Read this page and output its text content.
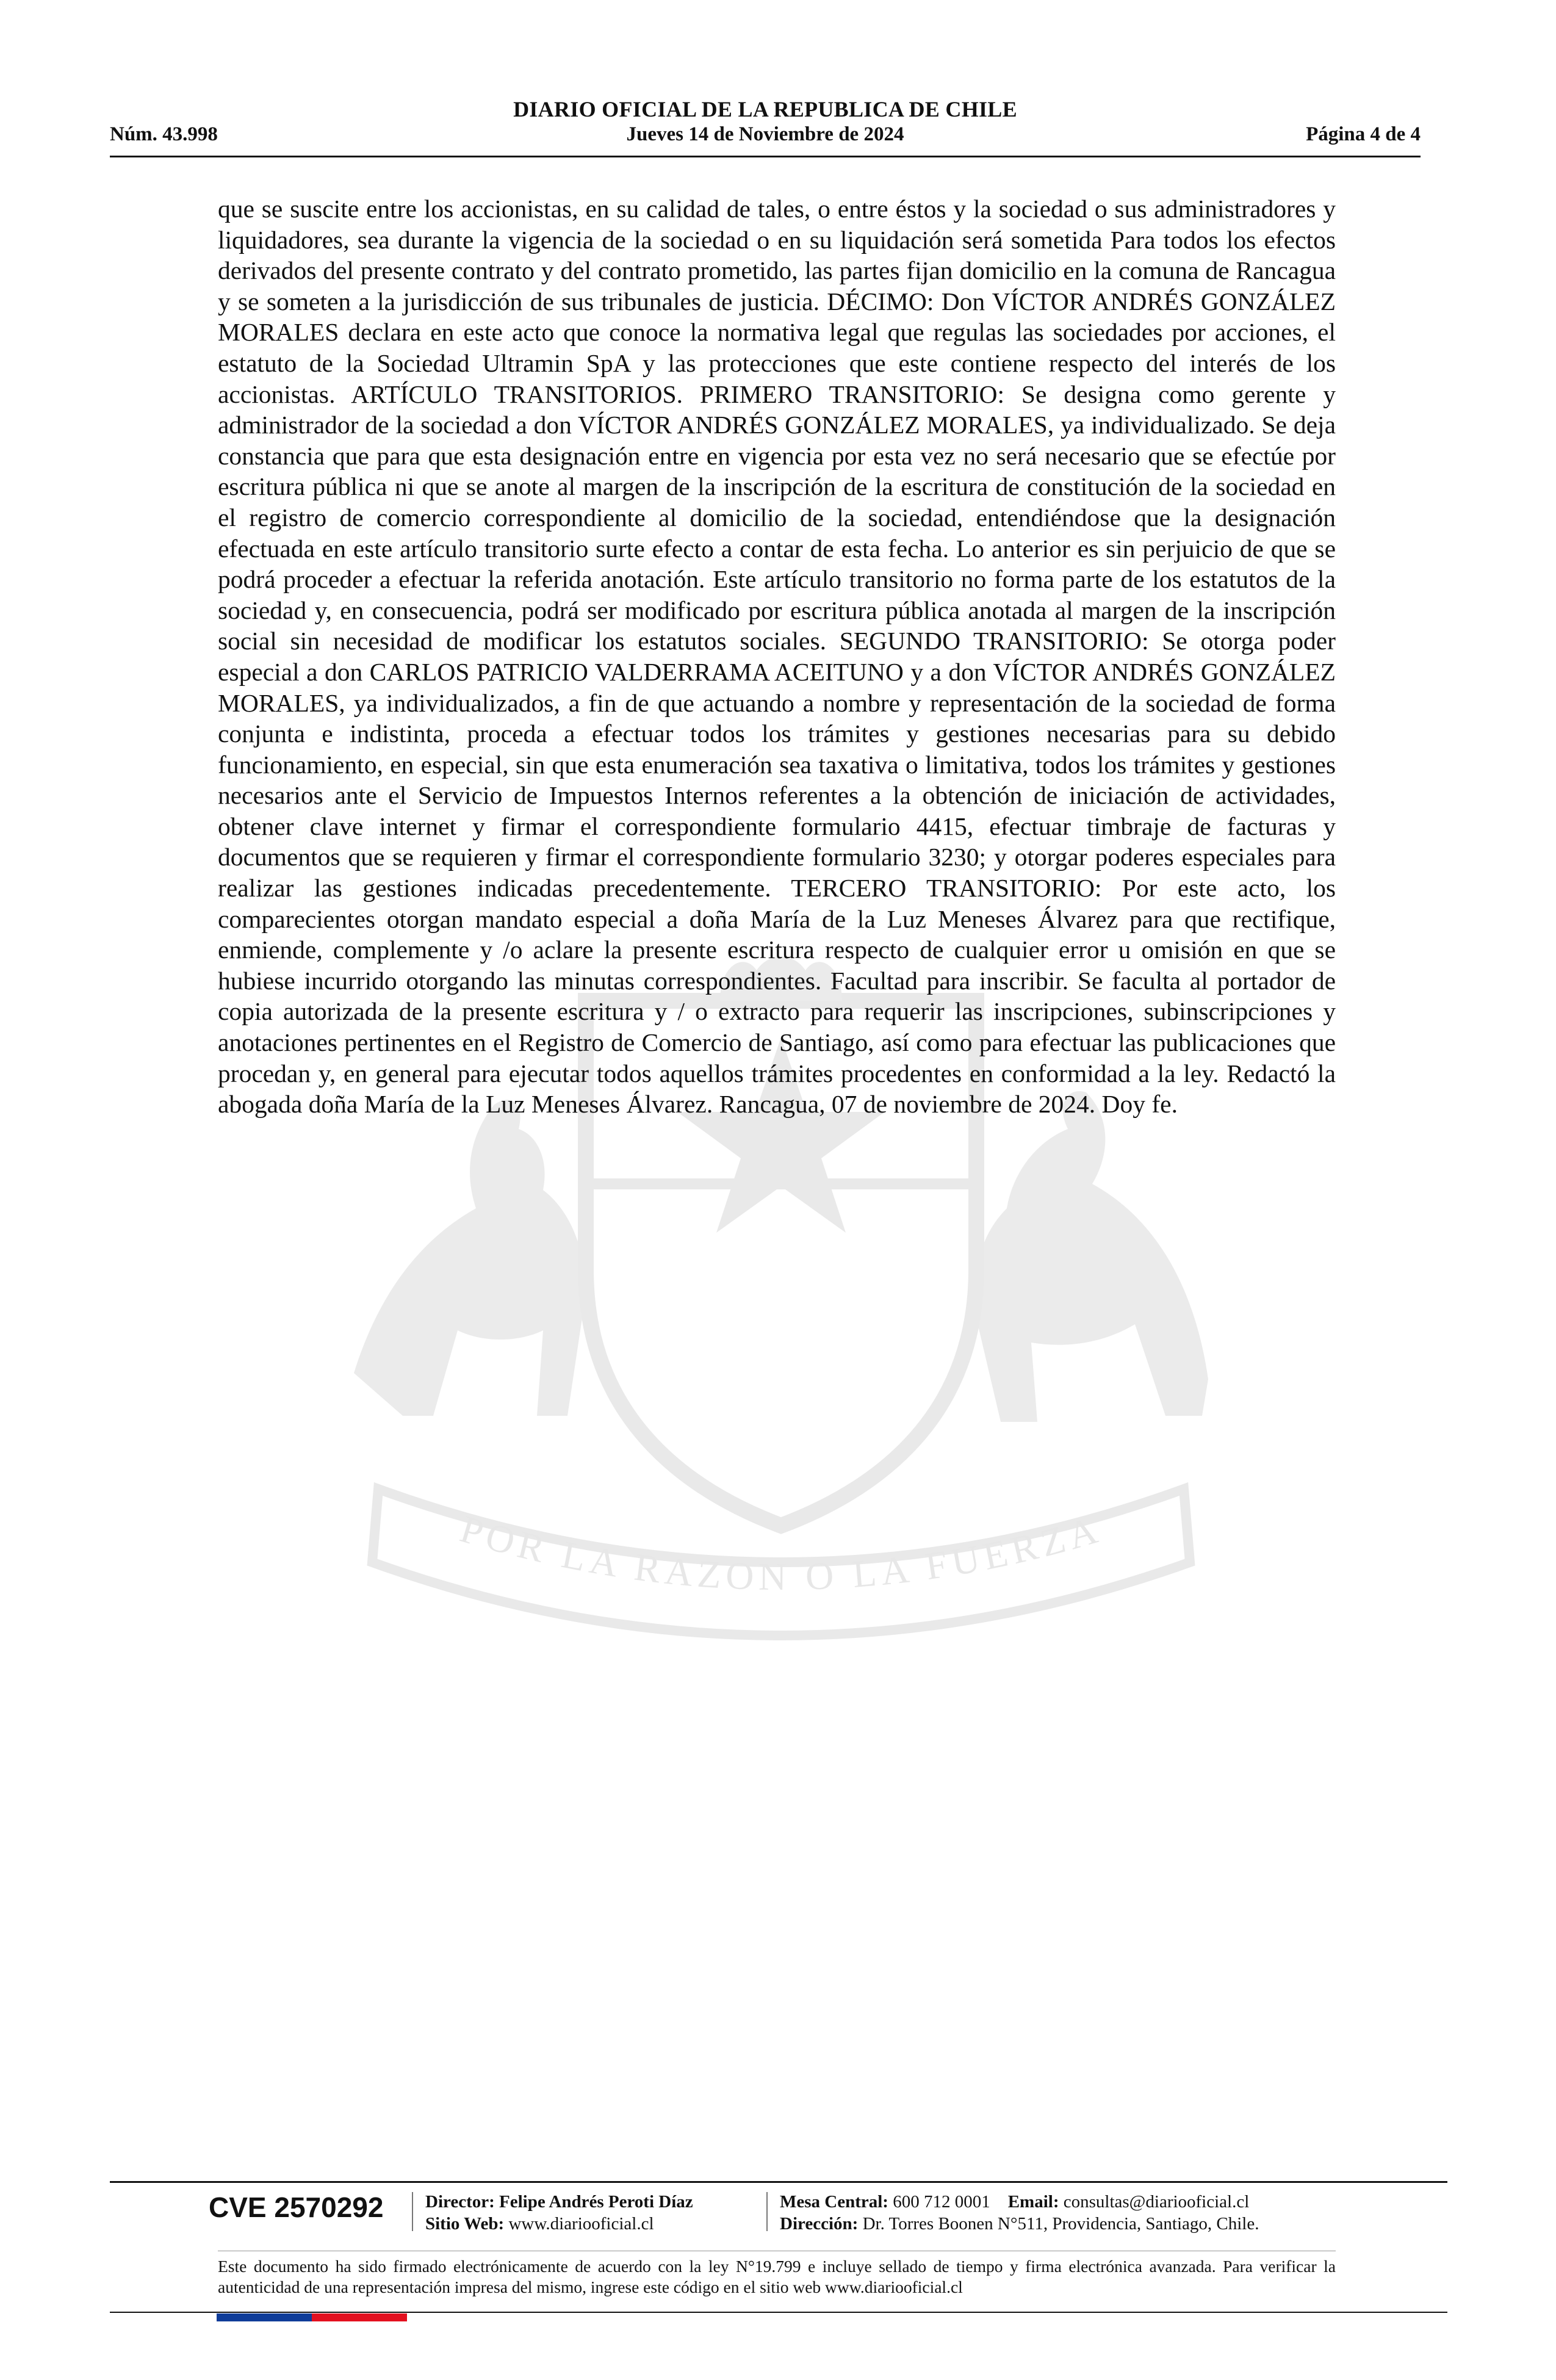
DIARIO OFICIAL DE LA REPUBLICA DE CHILE
Núm. 43.998	Jueves 14 de Noviembre de 2024	Página 4 de 4
POR LA RAZON O LA FUERZA
que se suscite entre los accionistas, en su calidad de tales, o entre éstos y la sociedad o sus administradores y liquidadores, sea durante la vigencia de la sociedad o en su liquidación será sometida Para todos los efectos derivados del presente contrato y del contrato prometido, las partes fijan domicilio en la comuna de Rancagua y se someten a la jurisdicción de sus tribunales de justicia. DÉCIMO: Don VÍCTOR ANDRÉS GONZÁLEZ MORALES declara en este acto que conoce la normativa legal que regulas las sociedades por acciones, el estatuto de la Sociedad Ultramin SpA y las protecciones que este contiene respecto del interés de los accionistas. ARTÍCULO TRANSITORIOS. PRIMERO TRANSITORIO: Se designa como gerente y administrador de la sociedad a don VÍCTOR ANDRÉS GONZÁLEZ MORALES, ya individualizado. Se deja constancia que para que esta designación entre en vigencia por esta vez no será necesario que se efectúe por escritura pública ni que se anote al margen de la inscripción de la escritura de constitución de la sociedad en el registro de comercio correspondiente al domicilio de la sociedad, entendiéndose que la designación efectuada en este artículo transitorio surte efecto a contar de esta fecha. Lo anterior es sin perjuicio de que se podrá proceder a efectuar la referida anotación. Este artículo transitorio no forma parte de los estatutos de la sociedad y, en consecuencia, podrá ser modificado por escritura pública anotada al margen de la inscripción social sin necesidad de modificar los estatutos sociales. SEGUNDO TRANSITORIO: Se otorga poder especial a don CARLOS PATRICIO VALDERRAMA ACEITUNO y a don VÍCTOR ANDRÉS GONZÁLEZ MORALES, ya individualizados, a fin de que actuando a nombre y representación de la sociedad de forma conjunta e indistinta, proceda a efectuar todos los trámites y gestiones necesarias para su debido funcionamiento, en especial, sin que esta enumeración sea taxativa o limitativa, todos los trámites y gestiones necesarios ante el Servicio de Impuestos Internos referentes a la obtención de iniciación de actividades, obtener clave internet y firmar el correspondiente formulario 4415, efectuar timbraje de facturas y documentos que se requieren y firmar el correspondiente formulario 3230; y otorgar poderes especiales para realizar las gestiones indicadas precedentemente. TERCERO TRANSITORIO: Por este acto, los comparecientes otorgan mandato especial a doña María de la Luz Meneses Álvarez para que rectifique, enmiende, complemente y /o aclare la presente escritura respecto de cualquier error u omisión en que se hubiese incurrido otorgando las minutas correspondientes. Facultad para inscribir. Se faculta al portador de copia autorizada de la presente escritura y / o extracto para requerir las inscripciones, subinscripciones y anotaciones pertinentes en el Registro de Comercio de Santiago, así como para efectuar las publicaciones que procedan y, en general para ejecutar todos aquellos trámites procedentes en conformidad a la ley. Redactó la abogada doña María de la Luz Meneses Álvarez. Rancagua, 07 de noviembre de 2024. Doy fe.
CVE 2570292 Director: Felipe Andrés Peroti Díaz
Sitio Web: www.diariooficial.cl
Mesa Central: 600 712 0001 Email: consultas@diariooficial.cl
Dirección: Dr. Torres Boonen N°511, Providencia, Santiago, Chile.
Este documento ha sido firmado electrónicamente de acuerdo con la ley N°19.799 e incluye sellado de tiempo y firma electrónica avanzada. Para verificar la autenticidad de una representación impresa del mismo, ingrese este código en el sitio web www.diariooficial.cl
